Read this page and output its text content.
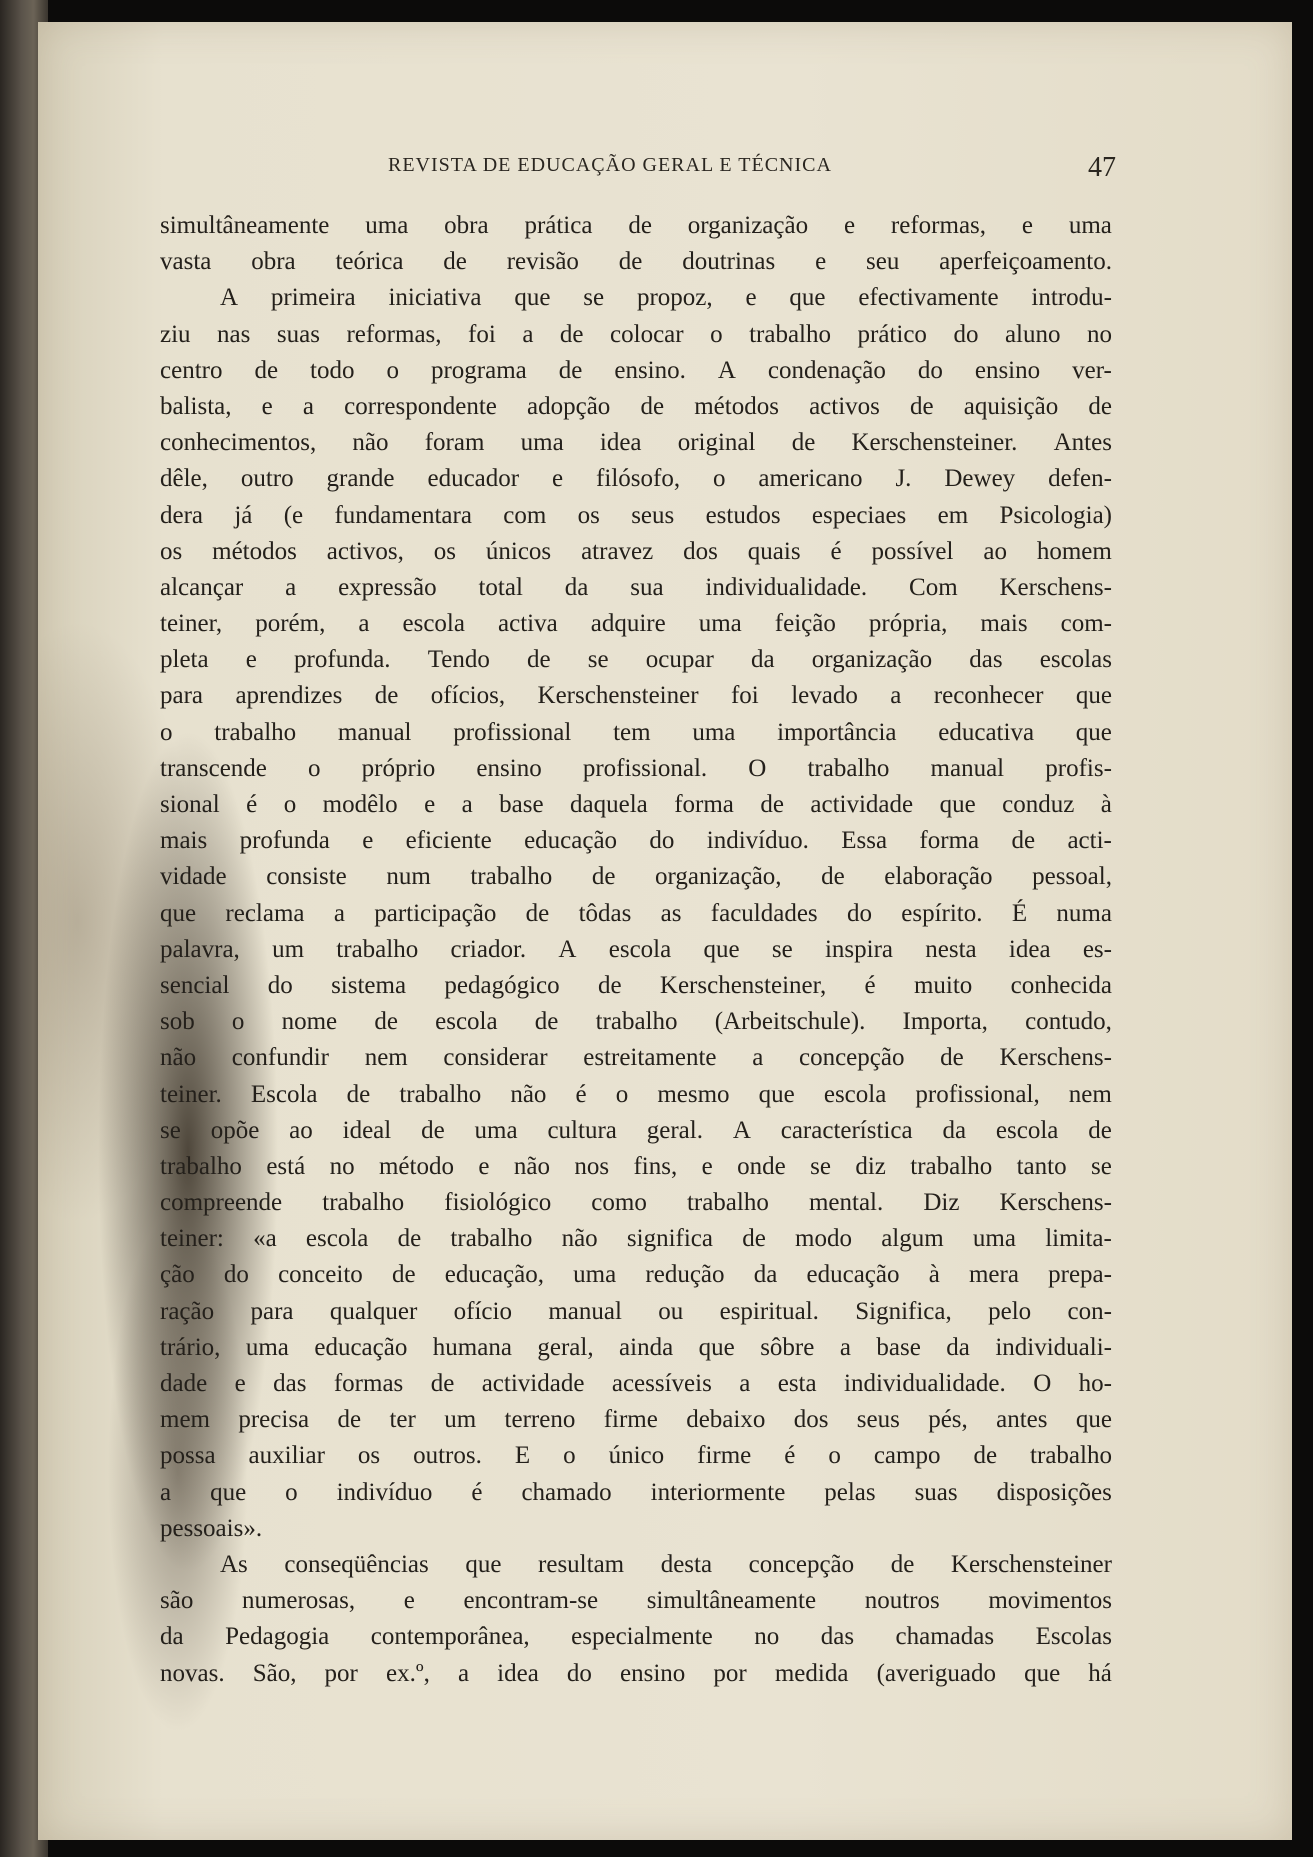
REVISTA DE EDUCAÇÃO GERAL E TÉCNICA	47
simultâneamente uma obra prática de organização e reformas, e uma
vasta obra teórica de revisão de doutrinas e seu aperfeiçoamento.
A primeira iniciativa que se propoz, e que efectivamente introdu-
ziu nas suas reformas, foi a de colocar o trabalho prático do aluno no
centro de todo o programa de ensino. A condenação do ensino ver-
balista, e a correspondente adopção de métodos activos de aquisição de
conhecimentos, não foram uma idea original de Kerschensteiner. Antes
dêle, outro grande educador e filósofo, o americano J. Dewey defen-
dera já (e fundamentara com os seus estudos especiaes em Psicologia)
os métodos activos, os únicos atravez dos quais é possível ao homem
alcançar a expressão total da sua individualidade. Com Kerschens-
teiner, porém, a escola activa adquire uma feição própria, mais com-
pleta e profunda. Tendo de se ocupar da organização das escolas
para aprendizes de ofícios, Kerschensteiner foi levado a reconhecer que
o trabalho manual profissional tem uma importância educativa que
transcende o próprio ensino profissional. O trabalho manual profis-
sional é o modêlo e a base daquela forma de actividade que conduz à
mais profunda e eficiente educação do indivíduo. Essa forma de acti-
vidade consiste num trabalho de organização, de elaboração pessoal,
que reclama a participação de tôdas as faculdades do espírito. É numa
palavra, um trabalho criador. A escola que se inspira nesta idea es-
sencial do sistema pedagógico de Kerschensteiner, é muito conhecida
sob o nome de escola de trabalho (Arbeitschule). Importa, contudo,
não confundir nem considerar estreitamente a concepção de Kerschens-
teiner. Escola de trabalho não é o mesmo que escola profissional, nem
se opõe ao ideal de uma cultura geral. A característica da escola de
trabalho está no método e não nos fins, e onde se diz trabalho tanto se
compreende trabalho fisiológico como trabalho mental. Diz Kerschens-
teiner: «a escola de trabalho não significa de modo algum uma limita-
ção do conceito de educação, uma redução da educação à mera prepa-
ração para qualquer ofício manual ou espiritual. Significa, pelo con-
trário, uma educação humana geral, ainda que sôbre a base da individuali-
dade e das formas de actividade acessíveis a esta individualidade. O ho-
mem precisa de ter um terreno firme debaixo dos seus pés, antes que
possa auxiliar os outros. E o único firme é o campo de trabalho
a que o indivíduo é chamado interiormente pelas suas disposições
pessoais».
As conseqüências que resultam desta concepção de Kerschensteiner
são numerosas, e encontram-se simultâneamente noutros movimentos
da Pedagogia contemporânea, especialmente no das chamadas Escolas
novas. São, por ex.º, a idea do ensino por medida (averiguado que há
